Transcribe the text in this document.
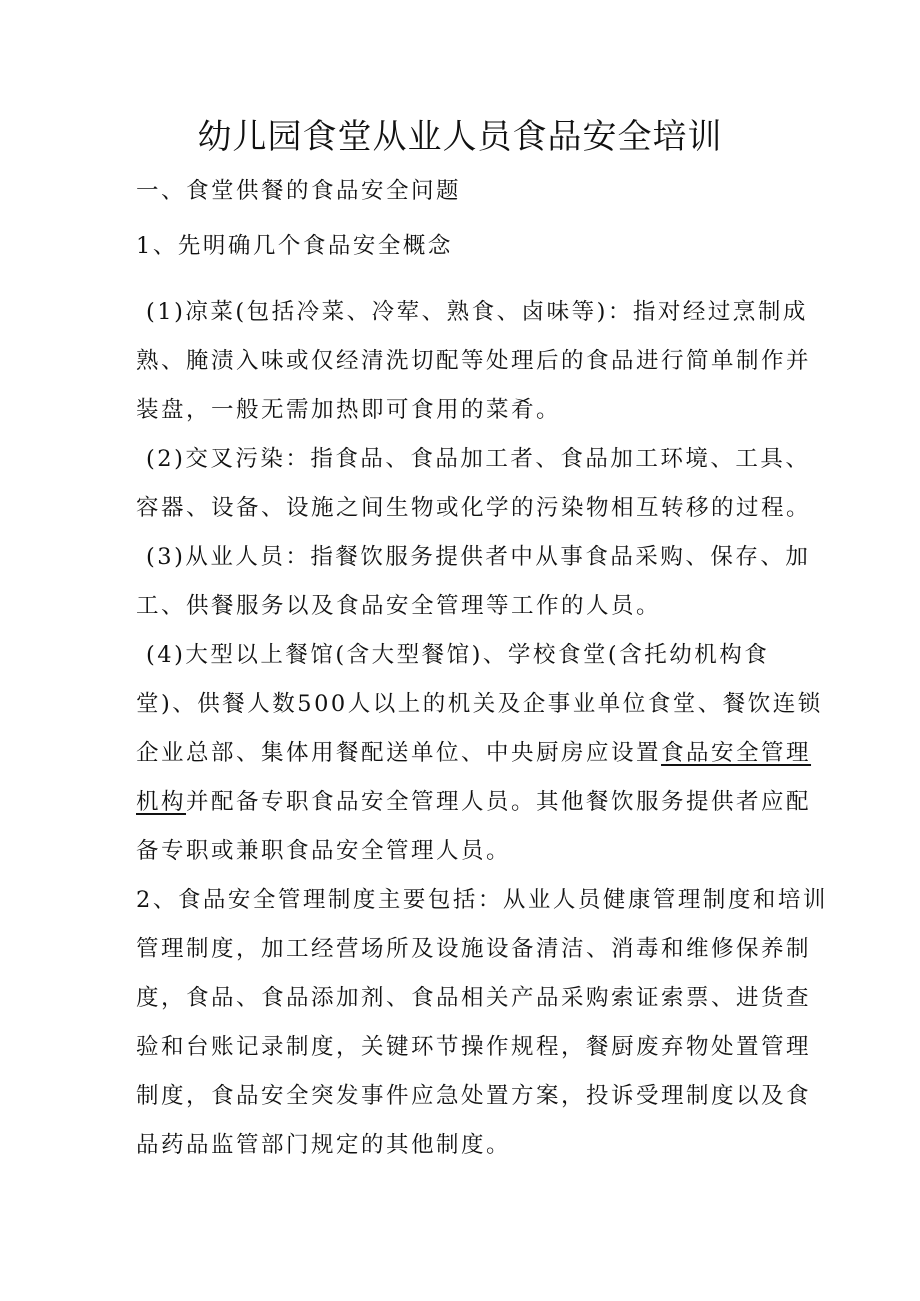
幼儿园食堂从业人员食品安全培训
一、食堂供餐的食品安全问题
1、先明确几个食品安全概念
(1)凉菜(包括冷菜、冷荤、熟食、卤味等)：指对经过烹制成
熟、腌渍入味或仅经清洗切配等处理后的食品进行简单制作并
装盘，一般无需加热即可食用的菜肴。
(2)交叉污染：指食品、食品加工者、食品加工环境、工具、
容器、设备、设施之间生物或化学的污染物相互转移的过程。
(3)从业人员：指餐饮服务提供者中从事食品采购、保存、加
工、供餐服务以及食品安全管理等工作的人员。
(4)大型以上餐馆(含大型餐馆)、学校食堂(含托幼机构食
堂)、供餐人数500人以上的机关及企事业单位食堂、餐饮连锁
企业总部、集体用餐配送单位、中央厨房应设置食品安全管理
机构并配备专职食品安全管理人员。其他餐饮服务提供者应配
备专职或兼职食品安全管理人员。
2、食品安全管理制度主要包括：从业人员健康管理制度和培训
管理制度，加工经营场所及设施设备清洁、消毒和维修保养制
度，食品、食品添加剂、食品相关产品采购索证索票、进货查
验和台账记录制度，关键环节操作规程，餐厨废弃物处置管理
制度，食品安全突发事件应急处置方案，投诉受理制度以及食
品药品监管部门规定的其他制度。
